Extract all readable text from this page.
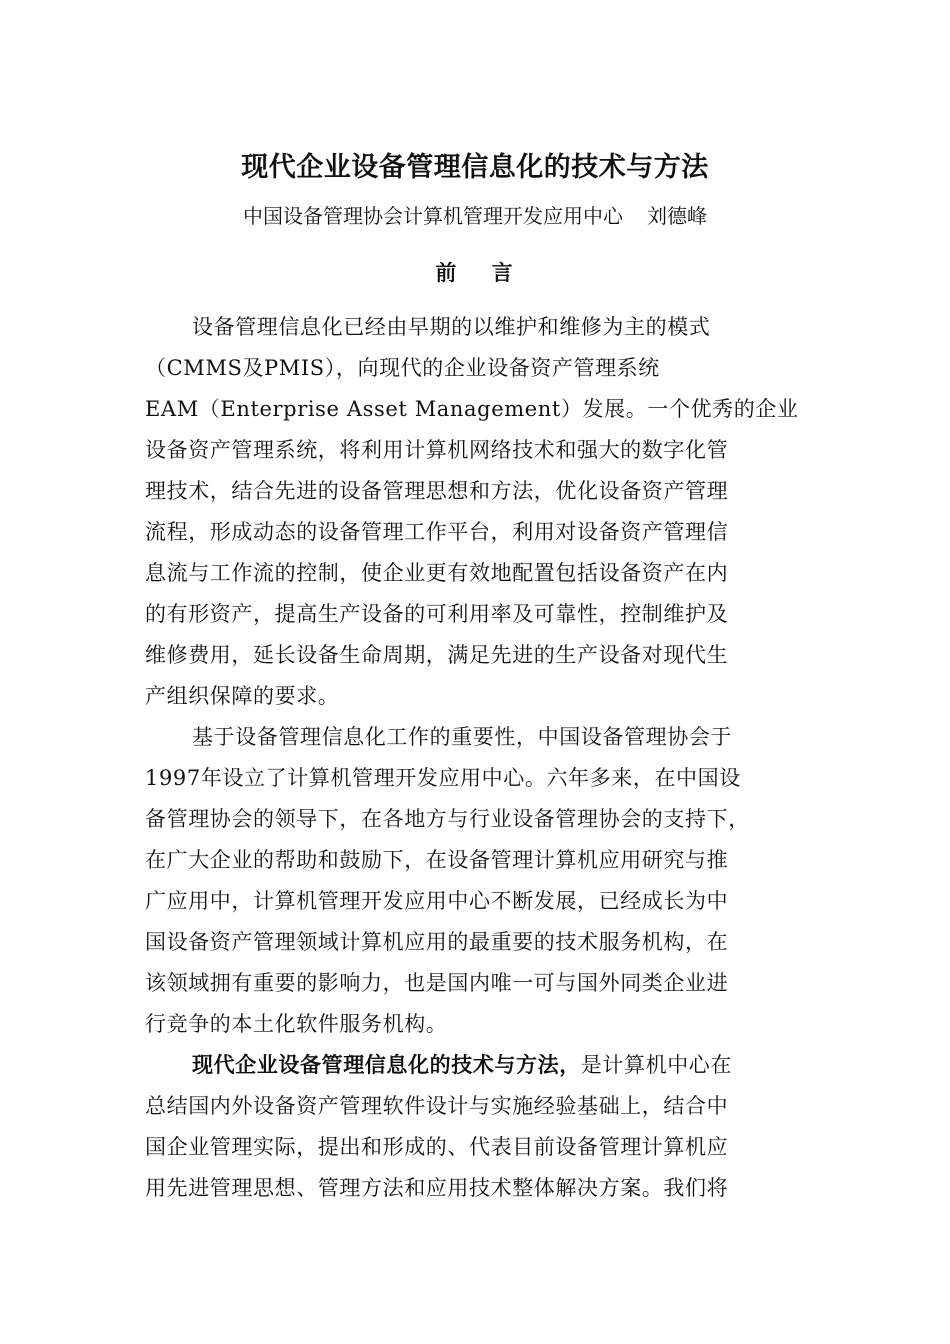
现代企业设备管理信息化的技术与方法
中国设备管理协会计算机管理开发应用中心 刘德峰
前 言
设备管理信息化已经由早期的以维护和维修为主的模式
（CMMS及PMIS），向现代的企业设备资产管理系统
EAM（Enterprise Asset Management）发展。一个优秀的企业
设备资产管理系统，将利用计算机网络技术和强大的数字化管
理技术，结合先进的设备管理思想和方法，优化设备资产管理
流程，形成动态的设备管理工作平台，利用对设备资产管理信
息流与工作流的控制，使企业更有效地配置包括设备资产在内
的有形资产，提高生产设备的可利用率及可靠性，控制维护及
维修费用，延长设备生命周期，满足先进的生产设备对现代生
产组织保障的要求。
基于设备管理信息化工作的重要性，中国设备管理协会于
1997年设立了计算机管理开发应用中心。六年多来，在中国设
备管理协会的领导下，在各地方与行业设备管理协会的支持下，
在广大企业的帮助和鼓励下，在设备管理计算机应用研究与推
广应用中，计算机管理开发应用中心不断发展，已经成长为中
国设备资产管理领域计算机应用的最重要的技术服务机构，在
该领域拥有重要的影响力，也是国内唯一可与国外同类企业进
行竞争的本土化软件服务机构。
现代企业设备管理信息化的技术与方法，是计算机中心在
总结国内外设备资产管理软件设计与实施经验基础上，结合中
国企业管理实际，提出和形成的、代表目前设备管理计算机应
用先进管理思想、管理方法和应用技术整体解决方案。我们将
